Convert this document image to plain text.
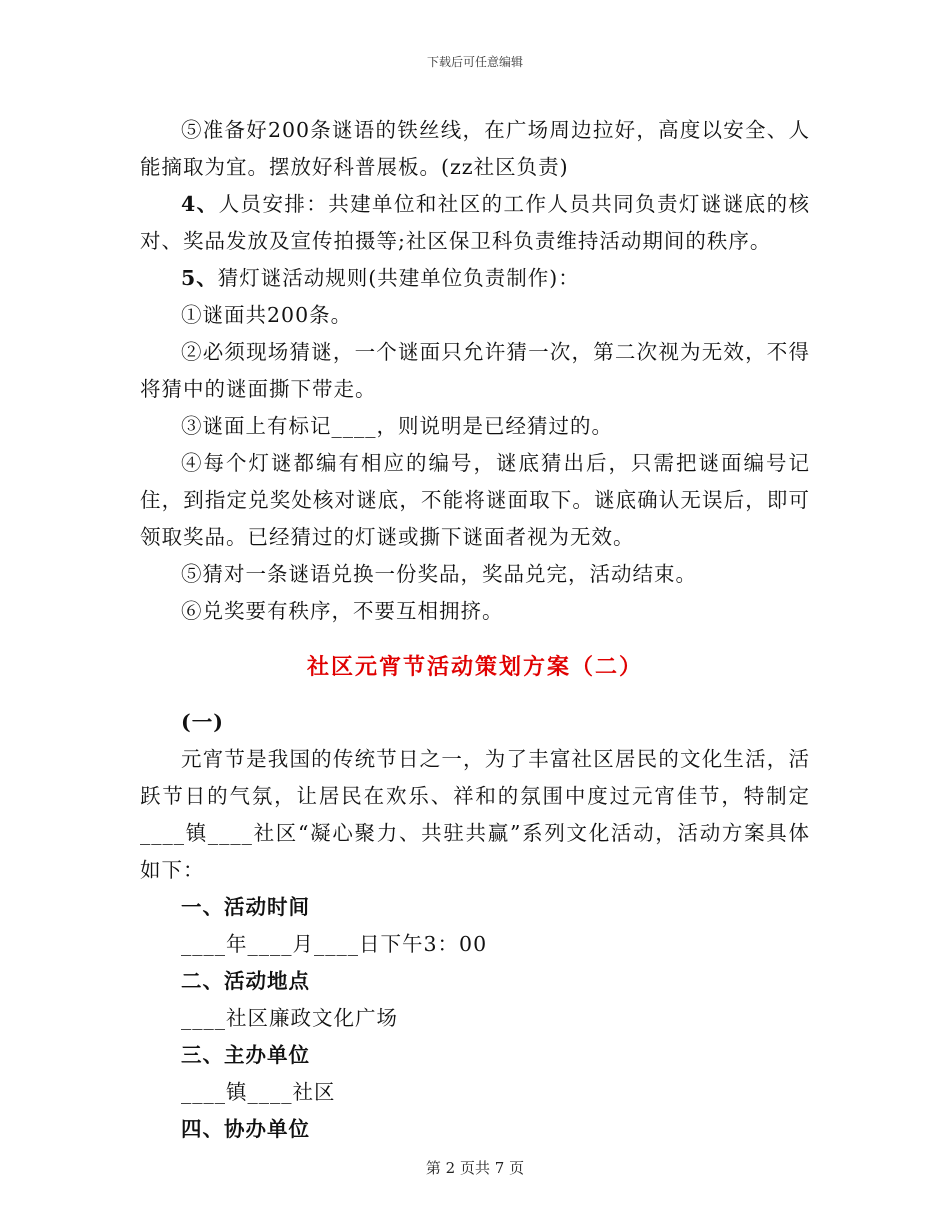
下载后可任意编辑

⑤准备好200条谜语的铁丝线，在广场周边拉好，高度以安全、人能摘取为宜。摆放好科普展板。(zz社区负责)

4、人员安排：共建单位和社区的工作人员共同负责灯谜谜底的核对、奖品发放及宣传拍摄等;社区保卫科负责维持活动期间的秩序。

5、猜灯谜活动规则(共建单位负责制作)：

①谜面共200条。

②必须现场猜谜，一个谜面只允许猜一次，第二次视为无效，不得将猜中的谜面撕下带走。

③谜面上有标记____，则说明是已经猜过的。

④每个灯谜都编有相应的编号，谜底猜出后，只需把谜面编号记住，到指定兑奖处核对谜底，不能将谜面取下。谜底确认无误后，即可领取奖品。已经猜过的灯谜或撕下谜面者视为无效。

⑤猜对一条谜语兑换一份奖品，奖品兑完，活动结束。

⑥兑奖要有秩序，不要互相拥挤。

社区元宵节活动策划方案（二）

(一)

元宵节是我国的传统节日之一，为了丰富社区居民的文化生活，活跃节日的气氛，让居民在欢乐、祥和的氛围中度过元宵佳节，特制定____镇____社区“凝心聚力、共驻共赢”系列文化活动，活动方案具体如下：

一、活动时间

____年____月____日下午3：00

二、活动地点

____社区廉政文化广场

三、主办单位

____镇____社区

四、协办单位

第 2 页共 7 页
